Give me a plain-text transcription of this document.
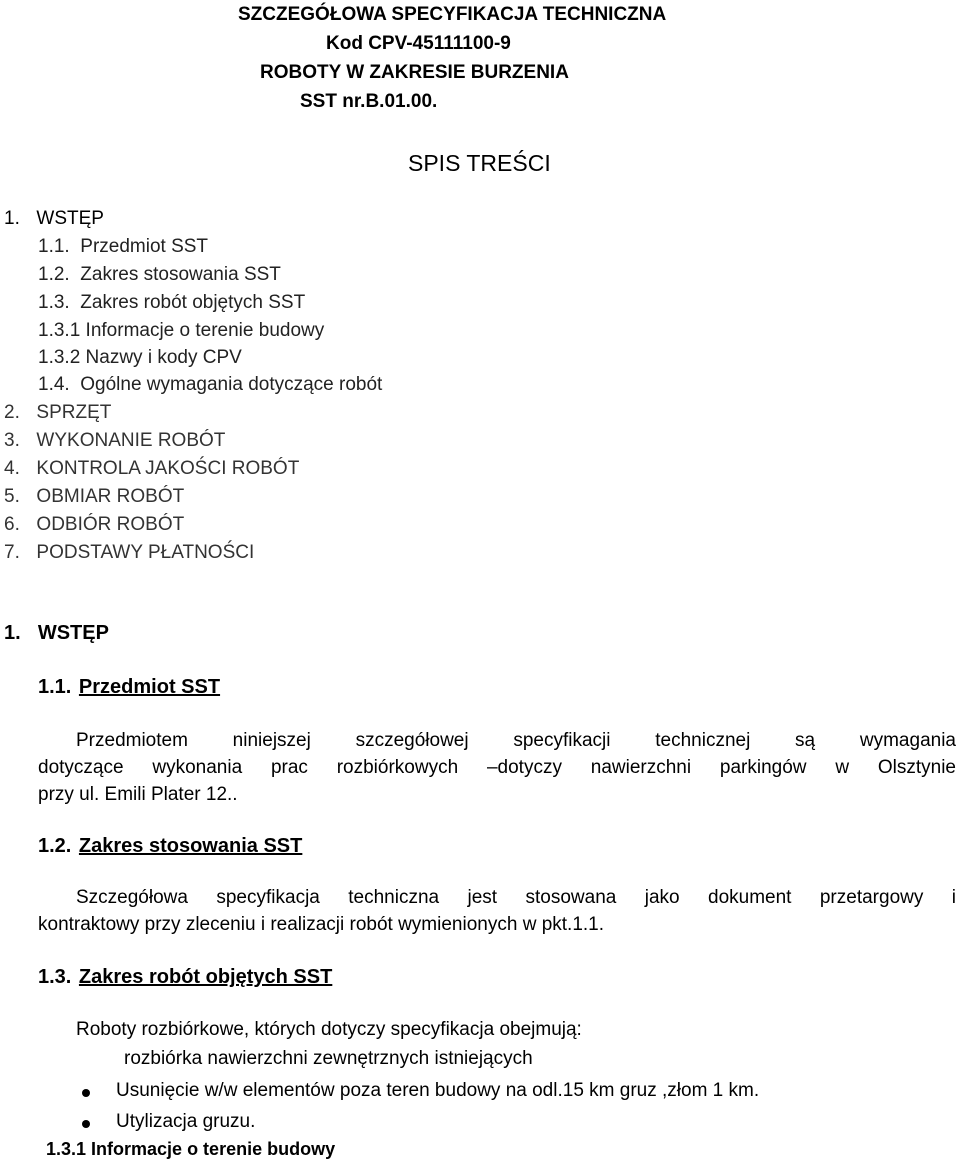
SZCZEGÓŁOWA SPECYFIKACJA TECHNICZNA
Kod CPV-45111100-9
ROBOTY W ZAKRESIE BURZENIA
SST nr.B.01.00.
SPIS TREŚCI
1. WSTĘP
1.1. Przedmiot SST
1.2. Zakres stosowania SST
1.3. Zakres robót objętych SST
1.3.1 Informacje o terenie budowy
1.3.2 Nazwy i kody CPV
1.4. Ogólne wymagania dotyczące robót
2. SPRZĘT
3. WYKONANIE ROBÓT
4. KONTROLA JAKOŚCI ROBÓT
5. OBMIAR ROBÓT
6. ODBIÓR ROBÓT
7. PODSTAWY PŁATNOŚCI
1. WSTĘP
1.1. Przedmiot SST
Przedmiotem niniejszej szczegółowej specyfikacji technicznej są wymagania
dotyczące wykonania prac rozbiórkowych –dotyczy nawierzchni parkingów w Olsztynie
przy ul. Emili Plater 12..
1.2. Zakres stosowania SST
Szczegółowa specyfikacja techniczna jest stosowana jako dokument przetargowy i
kontraktowy przy zleceniu i realizacji robót wymienionych w pkt.1.1.
1.3. Zakres robót objętych SST
Roboty rozbiórkowe, których dotyczy specyfikacja obejmują:
rozbiórka nawierzchni zewnętrznych istniejących
Usunięcie w/w elementów poza teren budowy na odl.15 km gruz ,złom 1 km.
Utylizacja gruzu.
1.3.1 Informacje o terenie budowy
